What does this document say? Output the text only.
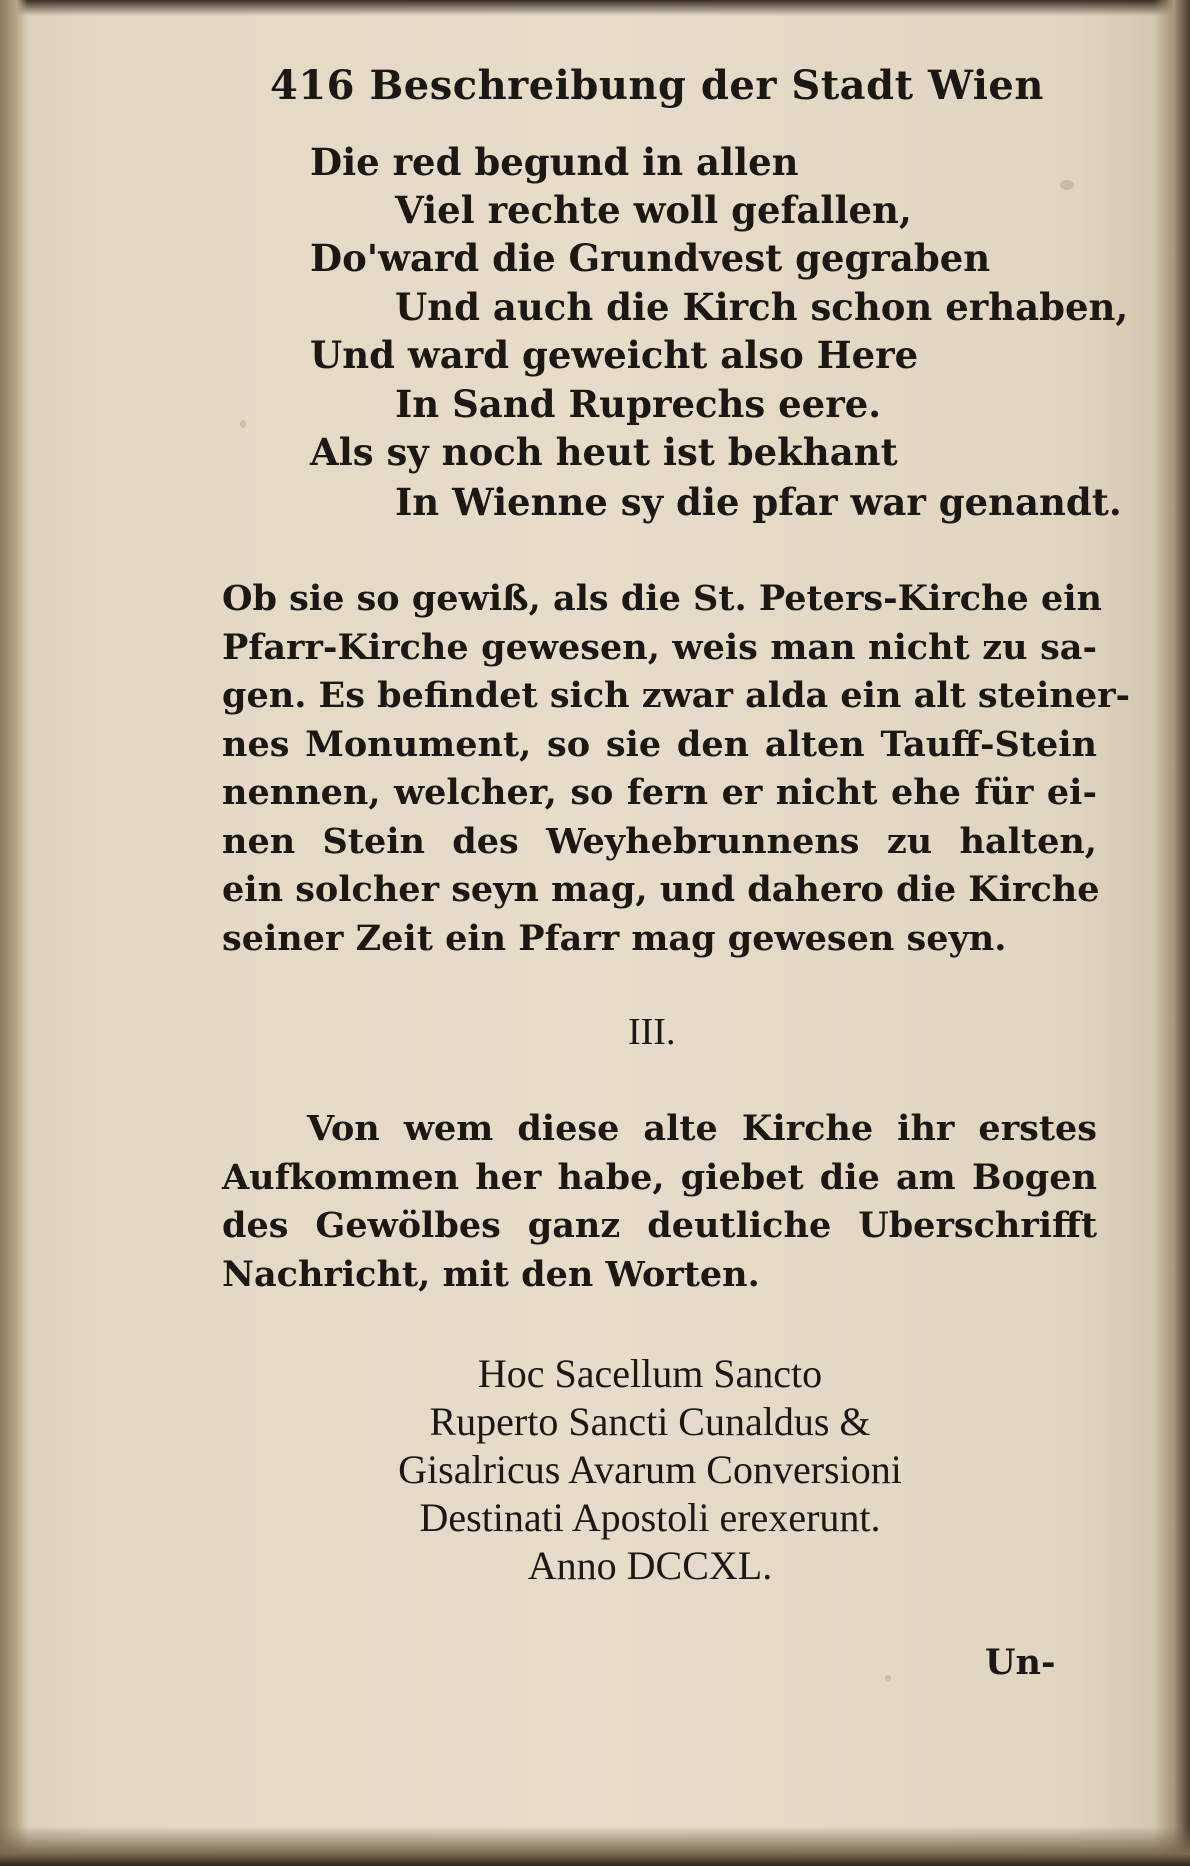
416 Beschreibung der Stadt Wien
Die red begund in allen
Viel rechte woll gefallen,
Do'ward die Grundvest gegraben
Und auch die Kirch schon erhaben,
Und ward geweicht also Here
In Sand Ruprechs eere.
Als sy noch heut ist bekhant
In Wienne sy die pfar war genandt.
Ob sie so gewiß, als die St. Peters-Kirche ein
Pfarr-Kirche gewesen, weis man nicht zu sa-
gen. Es befindet sich zwar alda ein alt steiner-
nes Monument, so sie den alten Tauff-Stein
nennen, welcher, so fern er nicht ehe für ei-
nen Stein des Weyhebrunnens zu halten,
ein solcher seyn mag, und dahero die Kirche
seiner Zeit ein Pfarr mag gewesen seyn.
III.
Von wem diese alte Kirche ihr erstes
Aufkommen her habe, giebet die am Bogen
des Gewölbes ganz deutliche Uberschrifft
Nachricht, mit den Worten.
Hoc Sacellum Sancto
Ruperto Sancti Cunaldus &
Gisalricus Avarum Conversioni
Destinati Apostoli erexerunt.
Anno DCCXL.
Un-
